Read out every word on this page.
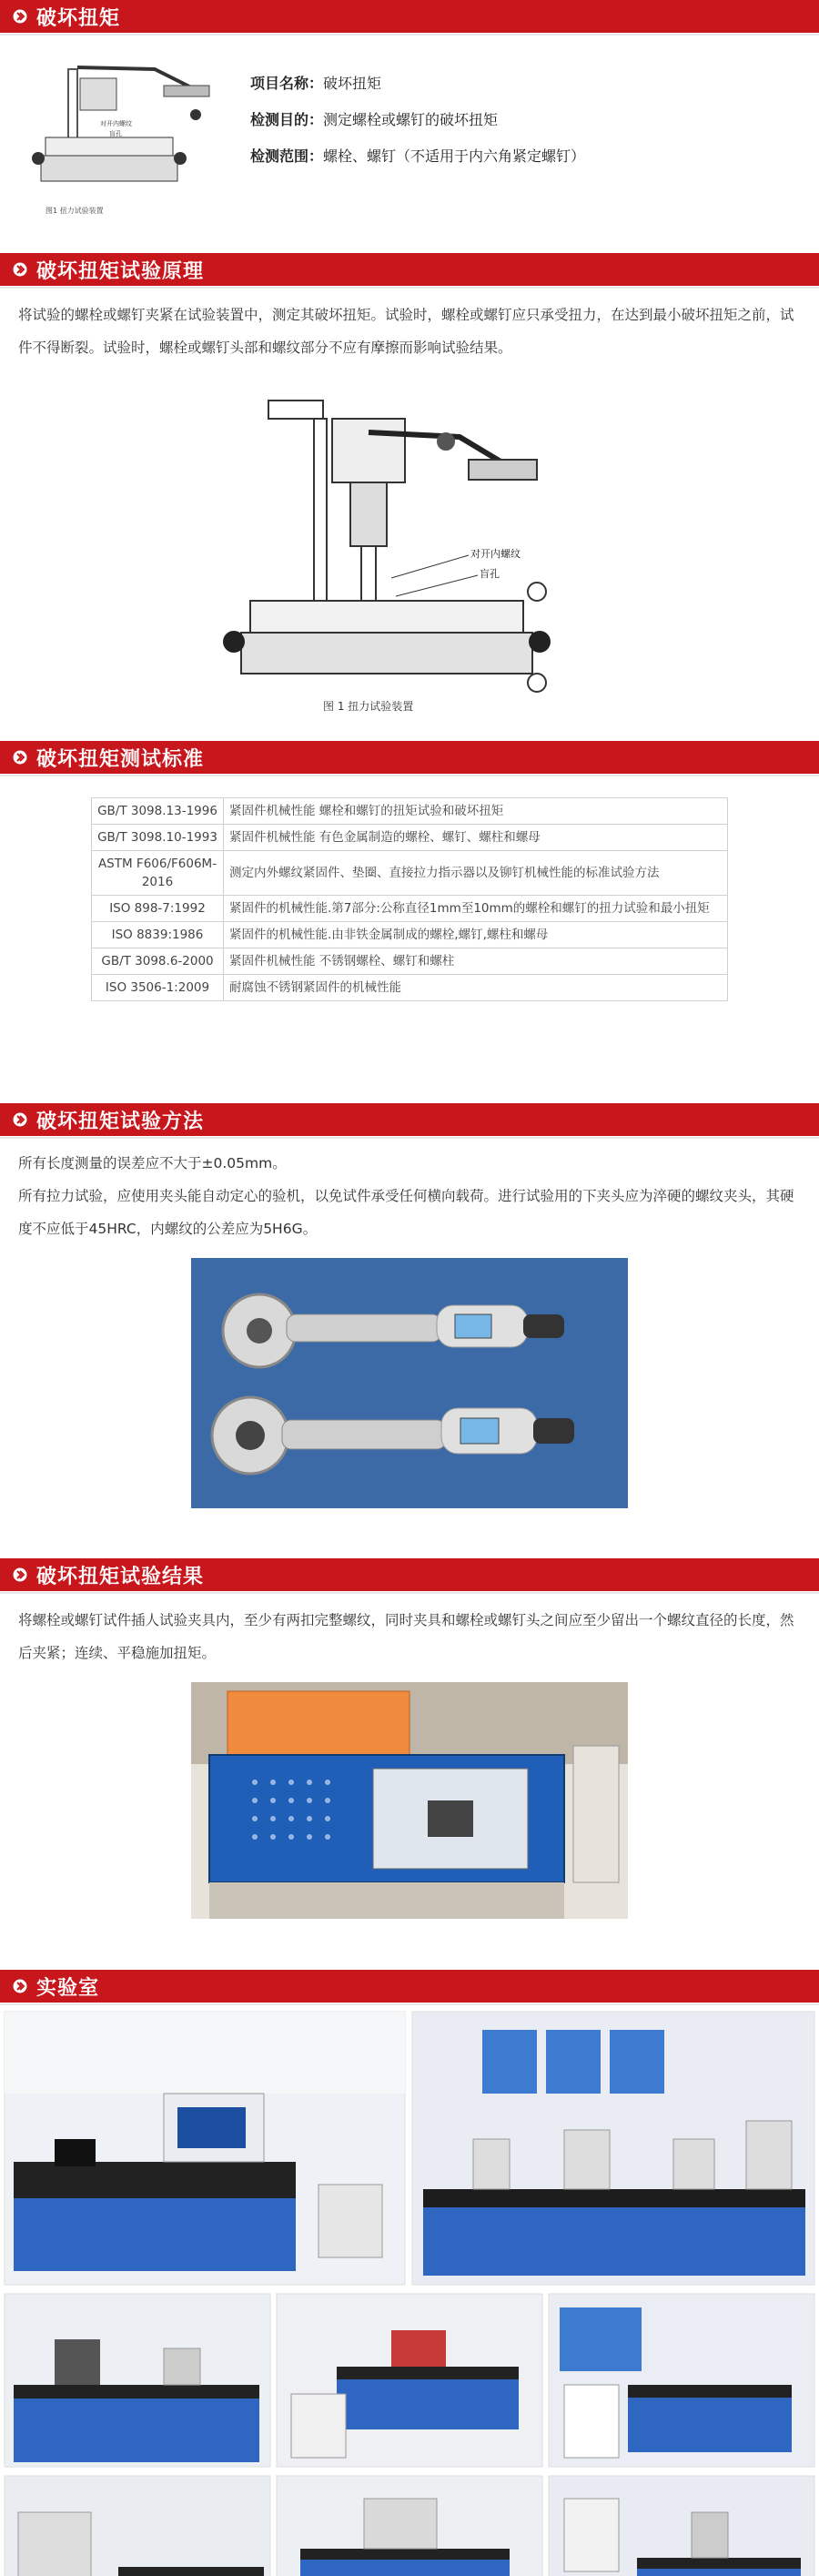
破坏扭矩
对开内螺纹
盲孔
图1 扭力试验装置
项目名称：破坏扭矩
检测目的：测定螺栓或螺钉的破坏扭矩
检测范围：螺栓、螺钉（不适用于内六角紧定螺钉）
破坏扭矩试验原理

将试验的螺栓或螺钉夹紧在试验装置中，测定其破坏扭矩。试验时，螺栓或螺钉应只承受扭力，在达到最小破坏扭矩之前，试件不得断裂。试验时，螺栓或螺钉头部和螺纹部分不应有摩擦而影响试验结果。

对开内螺纹
盲孔
图 1 扭力试验装置
破坏扭矩测试标准
GB/T 3098.13-1996	紧固件机械性能 螺栓和螺钉的扭矩试验和破坏扭矩
GB/T 3098.10-1993	紧固件机械性能 有色金属制造的螺栓、螺钉、螺柱和螺母
ASTM F606/F606M-2016	测定内外螺纹紧固件、垫圈、直接拉力指示器以及铆钉机械性能的标准试验方法
ISO 898-7:1992	紧固件的机械性能.第7部分:公称直径1mm至10mm的螺栓和螺钉的扭力试验和最小扭矩
ISO 8839:1986	紧固件的机械性能.由非铁金属制成的螺栓,螺钉,螺柱和螺母
GB/T 3098.6-2000	紧固件机械性能 不锈钢螺栓、螺钉和螺柱
ISO 3506-1:2009	耐腐蚀不锈钢紧固件的机械性能
破坏扭矩试验方法

所有长度测量的误差应不大于±0.05mm。

所有拉力试验，应使用夹头能自动定心的验机，以免试件承受任何横向载荷。进行试验用的下夹头应为淬硬的螺纹夹头，其硬度不应低于45HRC，内螺纹的公差应为5H6G。

破坏扭矩试验结果

将螺栓或螺钉试件插人试验夹具内，至少有两扣完整螺纹，同时夹具和螺栓或螺钉头之间应至少留出一个螺纹直径的长度，然后夹紧；连续、平稳施加扭矩。

实验室
